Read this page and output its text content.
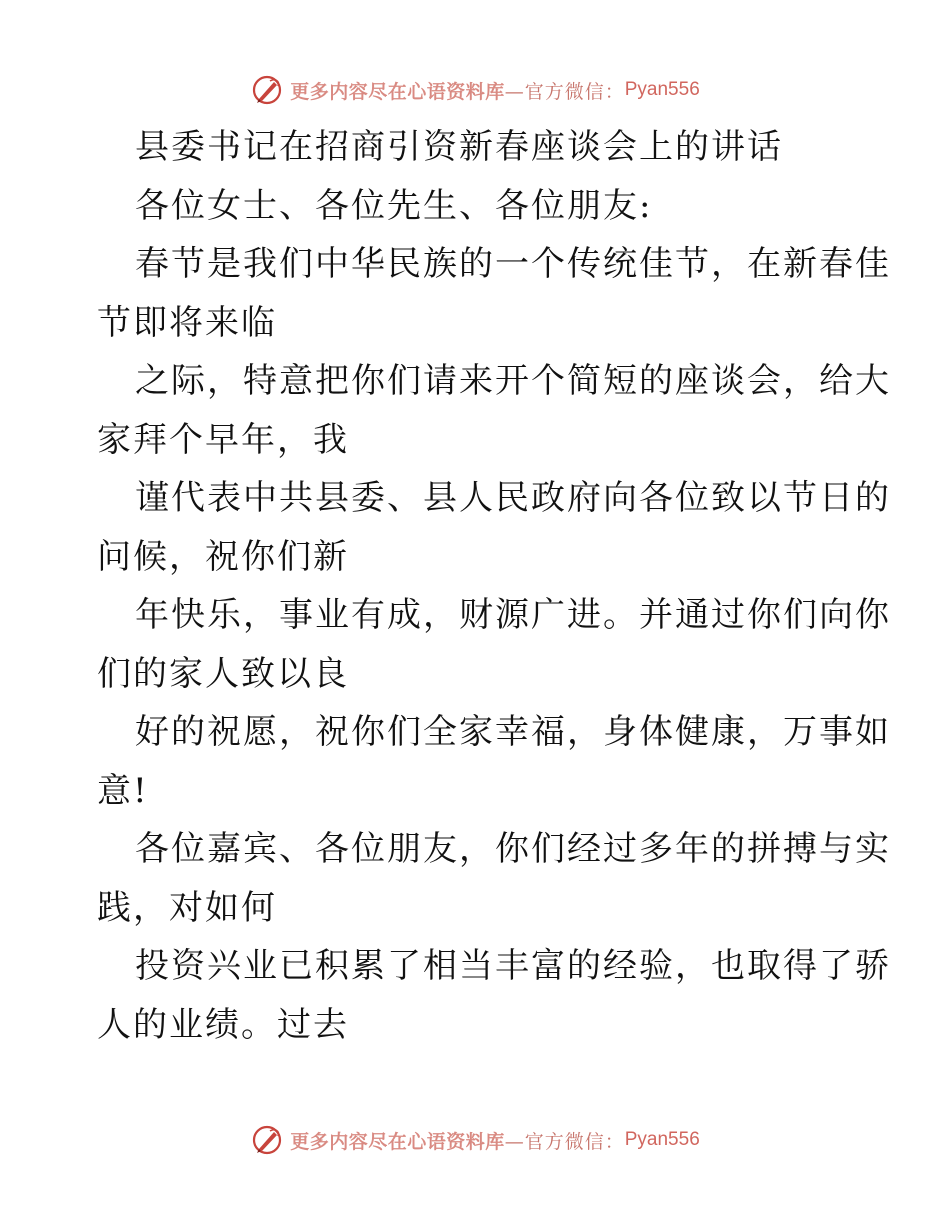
更多内容尽在心语资料库 —官方微信： Pyan556
县委书记在招商引资新春座谈会上的讲话
各位女士、各位先生、各位朋友:
春节是我们中华民族的一个传统佳节，在新春佳
节即将来临
之际，特意把你们请来开个简短的座谈会，给大
家拜个早年，我
谨代表中共县委、县人民政府向各位致以节日的
问候，祝你们新
年快乐，事业有成，财源广进。并通过你们向你
们的家人致以良
好的祝愿，祝你们全家幸福，身体健康，万事如
意!
各位嘉宾、各位朋友，你们经过多年的拼搏与实
践，对如何
投资兴业已积累了相当丰富的经验，也取得了骄
人的业绩。过去
更多内容尽在心语资料库 —官方微信： Pyan556
